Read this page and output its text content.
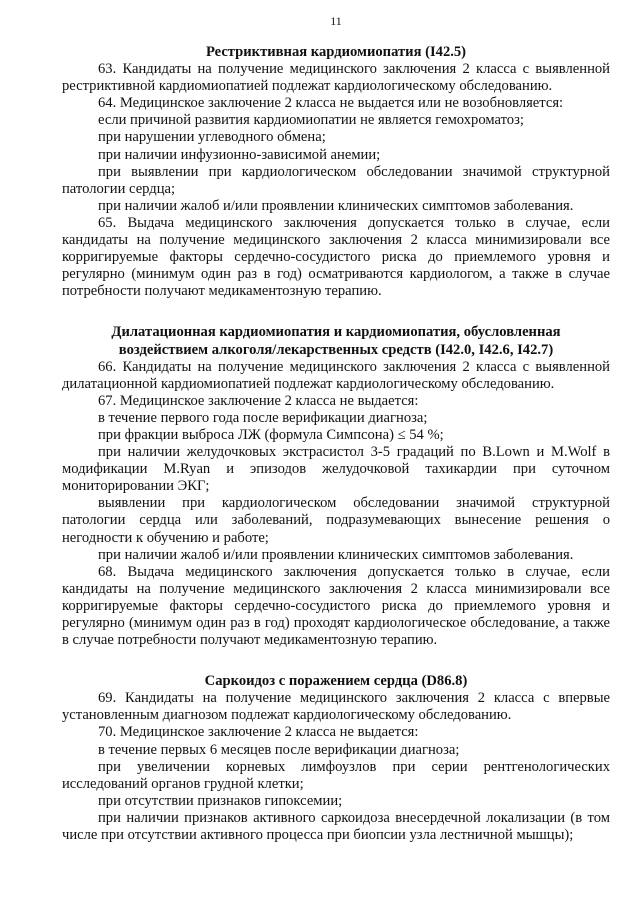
11
Рестриктивная кардиомиопатия (I42.5)

63. Кандидаты на получение медицинского заключения 2 класса с выявленной рестриктивной кардиомиопатией подлежат кардиологическому обследованию.

64. Медицинское заключение 2 класса не выдается или не возобновляется:

если причиной развития кардиомиопатии не является гемохроматоз;

при нарушении углеводного обмена;

при наличии инфузионно-зависимой анемии;

при выявлении при кардиологическом обследовании значимой структурной патологии сердца;

при наличии жалоб и/или проявлении клинических симптомов заболевания.

65. Выдача медицинского заключения допускается только в случае, если кандидаты на получение медицинского заключения 2 класса минимизировали все корригируемые факторы сердечно-сосудистого риска до приемлемого уровня и регулярно (минимум один раз в год) осматриваются кардиологом, а также в случае потребности получают медикаментозную терапию.

Дилатационная кардиомиопатия и кардиомиопатия, обусловленная
воздействием алкоголя/лекарственных средств (I42.0, I42.6, I42.7)

66. Кандидаты на получение медицинского заключения 2 класса с выявленной дилатационной кардиомиопатией подлежат кардиологическому обследованию.

67. Медицинское заключение 2 класса не выдается:

в течение первого года после верификации диагноза;

при фракции выброса ЛЖ (формула Симпсона) ≤ 54 %;

при наличии желудочковых экстрасистол 3-5 градаций по B.Lown и M.Wolf в модификации M.Ryan и эпизодов желудочковой тахикардии при суточном мониторировании ЭКГ;

выявлении при кардиологическом обследовании значимой структурной патологии сердца или заболеваний, подразумевающих вынесение решения о негодности к обучению и работе;

при наличии жалоб и/или проявлении клинических симптомов заболевания.

68. Выдача медицинского заключения допускается только в случае, если кандидаты на получение медицинского заключения 2 класса минимизировали все корригируемые факторы сердечно-сосудистого риска до приемлемого уровня и регулярно (минимум один раз в год) проходят кардиологическое обследование, а также в случае потребности получают медикаментозную терапию.

Саркоидоз с поражением сердца (D86.8)

69. Кандидаты на получение медицинского заключения 2 класса с впервые установленным диагнозом подлежат кардиологическому обследованию.

70. Медицинское заключение 2 класса не выдается:

в течение первых 6 месяцев после верификации диагноза;

при увеличении корневых лимфоузлов при серии рентгенологических исследований органов грудной клетки;

при отсутствии признаков гипоксемии;

при наличии признаков активного саркоидоза внесердечной локализации (в том числе при отсутствии активного процесса при биопсии узла лестничной мышцы);
